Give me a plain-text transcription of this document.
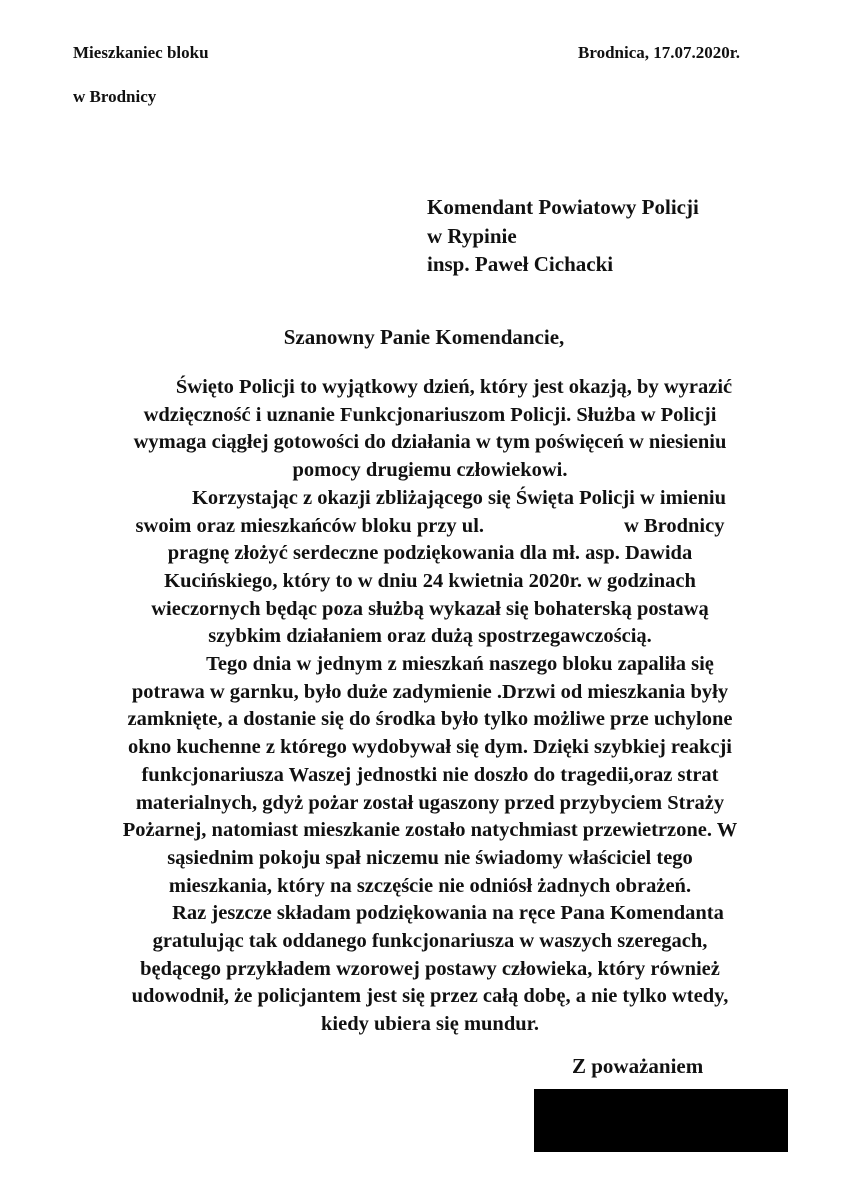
Mieszkaniec bloku

w Brodnicy

Brodnica, 17.07.2020r.

Komendant Powiatowy Policji
w Rypinie
insp. Paweł Cichacki

Szanowny Panie Komendancie,

Święto Policji to wyjątkowy dzień, który jest okazją, by wyrazić
wdzięczność i uznanie Funkcjonariuszom Policji. Służba w Policji
wymaga ciągłej gotowości do działania w tym poświęceń w niesieniu
pomocy drugiemu człowiekowi.
Korzystając z okazji zbliżającego się Święta Policji w imieniu
swoim oraz mieszkańców bloku przy ul.	w Brodnicy
pragnę złożyć serdeczne podziękowania dla mł. asp. Dawida
Kucińskiego, który to w dniu 24 kwietnia 2020r. w godzinach
wieczornych będąc poza służbą wykazał się bohaterską postawą
szybkim działaniem oraz dużą spostrzegawczością.
Tego dnia w jednym z mieszkań naszego bloku zapaliła się
potrawa w garnku, było duże zadymienie .Drzwi od mieszkania były
zamknięte, a dostanie się do środka było tylko możliwe prze uchylone
okno kuchenne z którego wydobywał się dym. Dzięki szybkiej reakcji
funkcjonariusza Waszej jednostki nie doszło do tragedii,oraz strat
materialnych, gdyż pożar został ugaszony przed przybyciem Straży
Pożarnej, natomiast mieszkanie zostało natychmiast przewietrzone. W
sąsiednim pokoju spał niczemu nie świadomy właściciel tego
mieszkania, który na szczęście nie odniósł żadnych obrażeń.
Raz jeszcze składam podziękowania na ręce Pana Komendanta
gratulując tak oddanego funkcjonariusza w waszych szeregach,
będącego przykładem wzorowej postawy człowieka, który również
udowodnił, że policjantem jest się przez całą dobę, a nie tylko wtedy,
kiedy ubiera się mundur.

Z poważaniem
